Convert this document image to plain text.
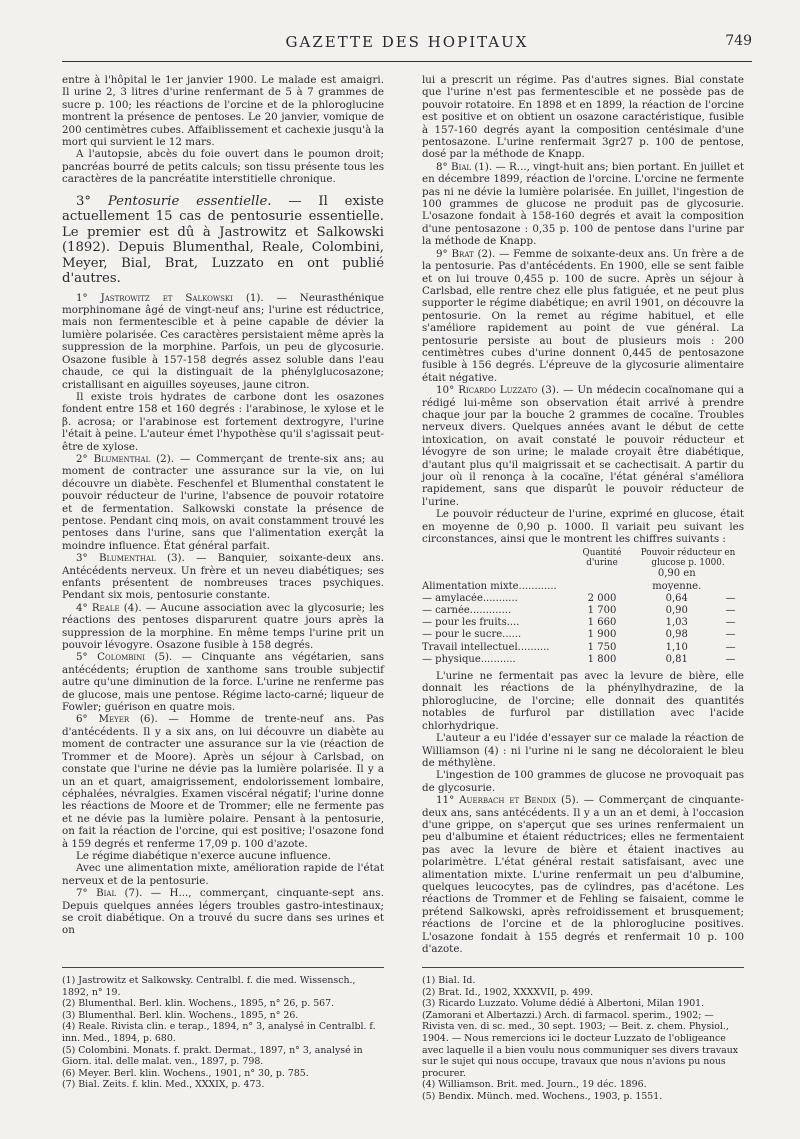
GAZETTE DES HOPITAUX	749

entre à l'hôpital le 1er janvier 1900. Le malade est amaigri. Il urine 2, 3 litres d'urine renfermant de 5 à 7 grammes de sucre p. 100; les réactions de l'orcine et de la phloroglucine montrent la présence de pentoses. Le 20 janvier, vomique de 200 centimètres cubes. Affaiblissement et cachexie jusqu'à la mort qui survient le 12 mars.

A l'autopsie, abcès du foie ouvert dans le poumon droit; pancréas bourré de petits calculs; son tissu présente tous les caractères de la pancréatite interstitielle chronique.

3° Pentosurie essentielle. — Il existe actuellement 15 cas de pentosurie essentielle. Le premier est dû à Jastrowitz et Salkowski (1892). Depuis Blumenthal, Reale, Colombini, Meyer, Bial, Brat, Luzzato en ont publié d'autres.

1° Jastrowitz et Salkowski (1). — Neurasthénique morphinomane âgé de vingt-neuf ans; l'urine est réductrice, mais non fermentescible et à peine capable de dévier la lumière polarisée. Ces caractères persistaient même après la suppression de la morphine. Parfois, un peu de glycosurie. Osazone fusible à 157-158 degrés assez soluble dans l'eau chaude, ce qui la distinguait de la phénylglucosazone; cristallisant en aiguilles soyeuses, jaune citron.

Il existe trois hydrates de carbone dont les osazones fondent entre 158 et 160 degrés : l'arabinose, le xylose et le β. acrosa; or l'arabinose est fortement dextrogyre, l'urine l'était à peine. L'auteur émet l'hypothèse qu'il s'agissait peut-être de xylose.

2° Blumenthal (2). — Commerçant de trente-six ans; au moment de contracter une assurance sur la vie, on lui découvre un diabète. Feschenfel et Blumenthal constatent le pouvoir réducteur de l'urine, l'absence de pouvoir rotatoire et de fermentation. Salkowski constate la présence de pentose. Pendant cinq mois, on avait constamment trouvé les pentoses dans l'urine, sans que l'alimentation exerçât la moindre influence. État général parfait.

3° Blumenthal (3). — Banquier, soixante-deux ans. Antécédents nerveux. Un frère et un neveu diabétiques; ses enfants présentent de nombreuses traces psychiques. Pendant six mois, pentosurie constante.

4° Reale (4). — Aucune association avec la glycosurie; les réactions des pentoses disparurent quatre jours après la suppression de la morphine. En même temps l'urine prit un pouvoir lévogyre. Osazone fusible à 158 degrés.

5° Colombini (5). — Cinquante ans végétarien, sans antécédents; éruption de xanthome sans trouble subjectif autre qu'une diminution de la force. L'urine ne renferme pas de glucose, mais une pentose. Régime lacto-carné; liqueur de Fowler; guérison en quatre mois.

6° Meyer (6). — Homme de trente-neuf ans. Pas d'antécédents. Il y a six ans, on lui découvre un diabète au moment de contracter une assurance sur la vie (réaction de Trommer et de Moore). Après un séjour à Carlsbad, on constate que l'urine ne dévie pas la lumière polarisée. Il y a un an et quart, amaigrissement, endolorissement lombaire, céphalées, névralgies. Examen viscéral négatif; l'urine donne les réactions de Moore et de Trommer; elle ne fermente pas et ne dévie pas la lumière polaire. Pensant à la pentosurie, on fait la réaction de l'orcine, qui est positive; l'osazone fond à 159 degrés et renferme 17,09 p. 100 d'azote.

Le régime diabétique n'exerce aucune influence.

Avec une alimentation mixte, amélioration rapide de l'état nerveux et de la pentosurie.

7° Bial (7). — H..., commerçant, cinquante-sept ans. Depuis quelques années légers troubles gastro-intestinaux; se croit diabétique. On a trouvé du sucre dans ses urines et on

(1) Jastrowitz et Salkowsky. Centralbl. f. die med. Wissensch., 1892, n° 19.

(2) Blumenthal. Berl. klin. Wochens., 1895, n° 26, p. 567.

(3) Blumenthal. Berl. klin. Wochens., 1895, n° 26.

(4) Reale. Rivista clin. e terap., 1894, n° 3, analysé in Centralbl. f. inn. Med., 1894, p. 680.

(5) Colombini. Monats. f. prakt. Dermat., 1897, n° 3, analysé in Giorn. ital. delle malat. ven., 1897, p. 798.

(6) Meyer. Berl. klin. Wochens., 1901, n° 30, p. 785.

(7) Bial. Zeits. f. klin. Med., XXXIX, p. 473.

lui a prescrit un régime. Pas d'autres signes. Bial constate que l'urine n'est pas fermentescible et ne possède pas de pouvoir rotatoire. En 1898 et en 1899, la réaction de l'orcine est positive et on obtient un osazone caractéristique, fusible à 157-160 degrés ayant la composition centésimale d'une pentosazone. L'urine renfermait 3gr27 p. 100 de pentose, dosé par la méthode de Knapp.

8° Bial (1). — R..., vingt-huit ans; bien portant. En juillet et en décembre 1899, réaction de l'orcine. L'orcine ne fermente pas ni ne dévie la lumière polarisée. En juillet, l'ingestion de 100 grammes de glucose ne produit pas de glycosurie. L'osazone fondait à 158-160 degrés et avait la composition d'une pentosazone : 0,35 p. 100 de pentose dans l'urine par la méthode de Knapp.

9° Brat (2). — Femme de soixante-deux ans. Un frère a de la pentosurie. Pas d'antécédents. En 1900, elle se sent faible et on lui trouve 0,455 p. 100 de sucre. Après un séjour à Carlsbad, elle rentre chez elle plus fatiguée, et ne peut plus supporter le régime diabétique; en avril 1901, on découvre la pentosurie. On la remet au régime habituel, et elle s'améliore rapidement au point de vue général. La pentosurie persiste au bout de plusieurs mois : 200 centimètres cubes d'urine donnent 0,445 de pentosazone fusible à 156 degrés. L'épreuve de la glycosurie alimentaire était négative.

10° Ricardo Luzzato (3). — Un médecin cocaïnomane qui a rédigé lui-même son observation était arrivé à prendre chaque jour par la bouche 2 grammes de cocaïne. Troubles nerveux divers. Quelques années avant le début de cette intoxication, on avait constaté le pouvoir réducteur et lévogyre de son urine; le malade croyait être diabétique, d'autant plus qu'il maigrissait et se cachectisait. A partir du jour où il renonça à la cocaïne, l'état général s'améliora rapidement, sans que disparût le pouvoir réducteur de l'urine.

Le pouvoir réducteur de l'urine, exprimé en glucose, était en moyenne de 0,90 p. 1000. Il variait peu suivant les circonstances, ainsi que le montrent les chiffres suivants :

	Quantité d'urine	Pouvoir réducteur en glucose p. 1000.
Alimentation mixte............		0,90 en moyenne.	
— amylacée...........	2 000	0,64		—
— carnée.............	1 700	0,90		—
— pour les fruits....	1 660	1,03		—
— pour le sucre......	1 900	0,98		—
Travail intellectuel..........	1 750	1,10		—
— physique...........	1 800	0,81		—

L'urine ne fermentait pas avec la levure de bière, elle donnait les réactions de la phénylhydrazine, de la phloroglucine, de l'orcine; elle donnait des quantités notables de furfurol par distillation avec l'acide chlorhydrique.

L'auteur a eu l'idée d'essayer sur ce malade la réaction de Williamson (4) : ni l'urine ni le sang ne décoloraient le bleu de méthylène.

L'ingestion de 100 grammes de glucose ne provoquait pas de glycosurie.

11° Auerbach et Bendix (5). — Commerçant de cinquante-deux ans, sans antécédents. Il y a un an et demi, à l'occasion d'une grippe, on s'aperçut que ses urines renfermaient un peu d'albumine et étaient réductrices; elles ne fermentaient pas avec la levure de bière et étaient inactives au polarimètre. L'état général restait satisfaisant, avec une alimentation mixte. L'urine renfermait un peu d'albumine, quelques leucocytes, pas de cylindres, pas d'acétone. Les réactions de Trommer et de Fehling se faisaient, comme le prétend Salkowski, après refroidissement et brusquement; réactions de l'orcine et de la phloroglucine positives. L'osazone fondait à 155 degrés et renfermait 10 p. 100 d'azote.

(1) Bial. Id.

(2) Brat. Id., 1902, XXXXVII, p. 499.

(3) Ricardo Luzzato. Volume dédié à Albertoni, Milan 1901. (Zamorani et Albertazzi.) Arch. di farmacol. sperim., 1902; — Rivista ven. di sc. med., 30 sept. 1903; — Beit. z. chem. Physiol., 1904. — Nous remercions ici le docteur Luzzato de l'obligeance avec laquelle il a bien voulu nous communiquer ses divers travaux sur le sujet qui nous occupe, travaux que nous n'avions pu nous procurer.

(4) Williamson. Brit. med. Journ., 19 déc. 1896.

(5) Bendix. Münch. med. Wochens., 1903, p. 1551.
